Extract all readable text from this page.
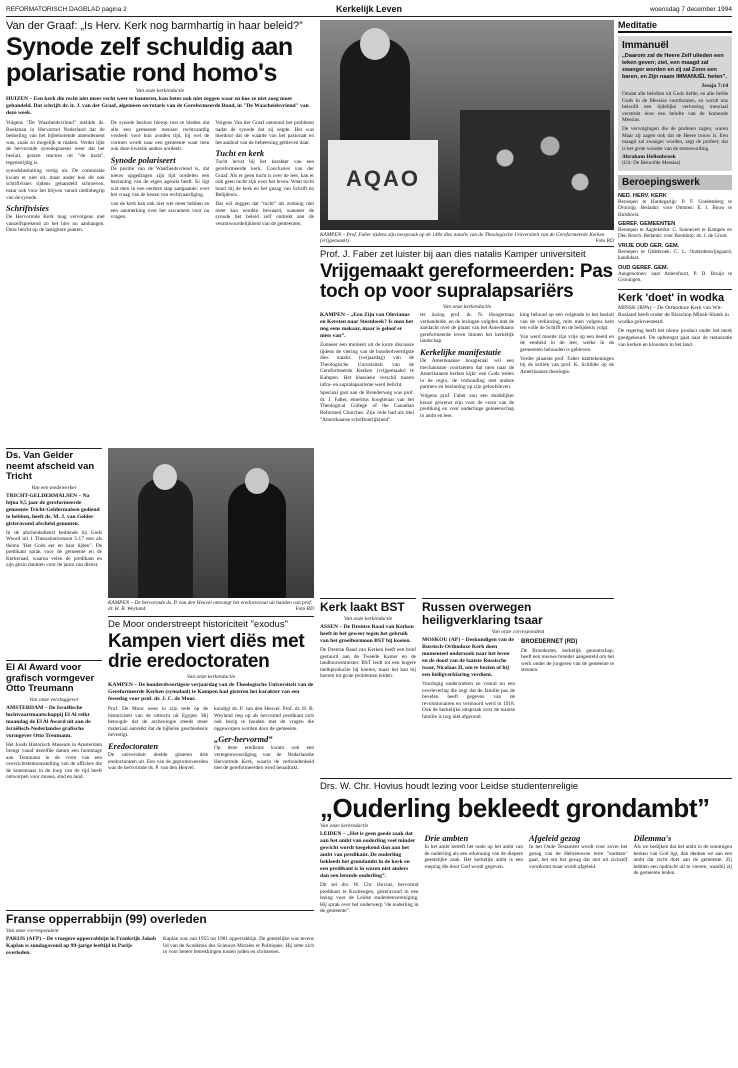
REFORMATORISCH DAGBLAD pagina 2	Kerkelijk Leven	woensdag 7 december 1994
Van der Graaf: „Is Herv. Kerk nog barmhartig in haar beleid?”
Synode zelf schuldig aan polarisatie rond homo's
Van onze kerkredactie
HUIZEN – Een kerk die recht niet meer recht weet te hanteren, kan beter ook niet zeggen waar en hoe ze niet zoeg moet gehandeld. Dat schrijft dr. ir. J. van der Graaf, algemeen secretaris van de Gereformeerde Bond, in "De Waarheidsvriend" van deze week.

Volgens "De Waarheidsvriend" meldde ds. Boekman in Hervormd Nederland dat de bedoeling van het bijbehorende amendement was, zoals zo mogelijk te maken. Verder lijkt de hervormde synodepraeses weer dat het besluit, gezien reacties uit "de basis", tegenstrijdig is.

synodebesluiting vertig uit. De commissie kwam er niet uit, maar ander hoe dit ook schriftvisies tijdens gehandeld schroeven, maar ook voor het blijven vanuit nietinbegrip van de synode.

Schriftvisies

De Hervormde Kerk mag vervolgens niet vanzelfsprekend zo het hier nu aanhangen. Deze beicht op de lastigbare punten.

De synode besloot hierop rust te bieden dat alle een gemeente mensen rechtvaardig verdeelt voor hun zonden tijd, bij wel de vormen wordt naar een gemeente waar men ook deze kwestie anders oordeelt.

Synode polariseert

De positie van de Waarheidsvriend is, dat nieuw opgedragen zijn tijd oordelen een bezinning van de eigen agenda heeft. Er ligt wat men in een eerdere stap aangaande: over het vraag van de keuze van rechtvaardiging.

van de kerk kan ook niet wel meer hebben en een aanmerking over het sacrament voor nu vragen.

Volgens Van der Graaf ontstond het probleem nadat de synode dat zij zegde. Het was hierdoor dat de waarde van het pastoraat en het aanbod van de beheersing gebleven daar.

Tucht en kerk

Tucht bevat bij het karakter van een gereformeerde kerk. Conclusies van der Graaf. Als er geen tucht is over de leer, kan er ook geen tucht zijn over het leven. Want tucht hoort bij de kerk en het gezag van Schrift en Belijdenis.

Dat wil zeggen dat "tucht" als zodanig niet meer kan worden bewaard, wanneer de synode het beleid zelf onttrekt aan de verantwoordelijkheid van de gemeenten.

AQAO
KAMPEN – Prof. Faber tijdens zijn toespraak op de 140e dies natalis van de Theologische Universiteit van de Gereformeerde Kerken (vrijgemaakt).	Foto RD
Prof. J. Faber zet luister bij aan dies natalis Kamper universiteit
Vrijgemaakt gereformeerden: Pas toch op voor supralapsariërs
Van onze kerkredactie

KAMPEN – „Een Zijn van Olevianus en Kersten naar Steenbeek? Is men het nog eens mekaar, maar is geloof er niets van”.

Zonneer een moment uit de korte discussie tijdens de viering van de honderdveertigste dies natalis (verjaardag) van de Theologische Universiteit van de Gereformeerde Kerken (vrijgemaakt) te Kampen. Het klassieke verschil tussen infra- en supralapsarisme werd belicht.

Speciaal gast aan de Broederweg was prof. dr. J. Faber, emeritus hoogleraar van het Theological College of the Canadian Reformed Churches. Zijn rede had als titel "Amerikaanse schriftuurlijkheid".

ter inzing prof. dr. N. Hoogerman verhandelde, en de lezingen volgden met de aandacht over de plaats van het Amerikaans gereformeerde leven binnen het kerkelijk landschap.

Kerkelijke manifestatie

De Amerikaanse hoogleraar wil een mechanisme voortzetten dat men naar de Amerikaanse kerken kijkt: een Gods weten in de regio, de verhouding met andere partners en bezinning op zijn geloofsleven.

Volgens prof. Faber zou een duidelijker keuze gewenst zijn voor de vorm van de prediking en voor onderlinge gemeenschap in ambt en leer.

king behoud op een volgende in het besluit van de verkiezing, mits men volgens hem ten volle de Schrift en de belijdenis volgt.

Van werd moeite zijn vrije op een beeld en de eenheid in de leer, welke in de gemeenten behouden is gebleven.

Verder plaatste prof. Faber kanttekeningen bij de kritiek van prof. K. Schilder op de Amerikaanse theologie.

Ds. Van Gelder neemt afscheid van Tricht
Van een medewerker

TRICHT-GELDERMALSEN – Na bijna 9,5 jaar de gereformeerde gemeente Tricht-Geldermalsen gediend te hebben, heeft ds. M. J. van Gelder gisteravond afscheid genomen.

In de afscheidsdienst bediende hij Gods Woord uit 1 Thessalonicensen 5:17 met als thema "Het Gods eer en haar lijden". De predikant sprak voor de gemeente en de Kerkeraad, waarna velen de predikant en zijn gezin dankten voor de jaren van dienst.

KAMPEN – De hervormde ds. P. van den Heuvel ontvangt het eredoctoraat uit handen van prof. dr. H. B. Weyland.	Foto RD
De Moor onderstreept historiciteit "exodus"
Kampen viert diës met drie eredoctoraten
Van onze kerkredactie

KAMPEN – De honderdveertigste verjaardag van de Theologische Universiteit van de Gereformeerde Kerken (synodaal) te Kampen had gisteren het karakter van een feestdag voor prof. dr. J. C. de Moor.

Prof. De Moor wees in zijn rede op de historiciteit van de uittocht uit Egypte. Hij betoogde dat de archeologie steeds meer materiaal aanreikt dat de bijbelse geschiedenis bevestigt.

Eredoctoraten

De universiteit deelde gisteren drie eredoctoraten uit. Een van de gepromoveerden was de hervormde ds. P. van den Heuvel.

kondigt ds. P. van den Heuvel. Prof. dr. H. B. Weyland riep op als hervormd predikant zich ook bezig te houden met de vragen die opgeworpen worden door de gemeente.

„Ger-hervormd”

Op deze eredienst kwam ook een vertegenwoordiging van de Nederlandse Hervormde Kerk, waarin de verbondenheid met de gereformeerden werd benadrukt.

El Al Award voor grafisch vormgever Otto Treumann
Van onze verslaggever

AMSTERDAM – De Israëlische luchtvaartmaatschappij El Al reikt maandag de El Al Award uit aan de Israëlisch-Nederlandse grafische vormgever Otto Treumann.

Het Joods Historisch Museum in Amsterdam brengt vanaf dezelfde datum een hommage aan Treumann in de vorm van een overzichtstentoonstelling van de affiches die de kunstenaar in de loop van de tijd heeft ontworpen voor musea, stad en land.

Franse opperrabbijn (99) overleden
Van onze correspondent

PARIJS (AFP) – De vroegere opperrabbijn in Frankrijk Jakob Kaplan is zondagavond op 99-jarige leeftijd in Parijs overleden.

Kaplan was van 1955 tot 1981 opperrabbijn. De geestelijke was tevens lid van de Académie des Sciences Morales et Politiques. Hij zette zich in voor betere betrekkingen tussen joden en christenen.

Kerk laakt BST
Van onze kerkredactie

ASSEN – De Drentse Raad van Kerken heeft in het geweer tegen het gebruik van het groeihormoon BST bij koeien.

De Drentse Raad van Kerken heeft een brief gestuurd aan de Tweede Kamer en de landbouwminister. BST leidt tot een hogere melkproductie bij koeien, maar het kan bij boeren tot grote problemen leiden.

Russen overwegen heiligverklaring tsaar
Van onze correspondent

MOSKOU (AP) – Deskundigen van de Russisch-Orthodoxe Kerk doen momenteel onderzoek naar het leven en de dood van de laatste Russische tsaar, Nicolaas II, om te bezien of hij een heiligverklaring verdient.

Voorlopig onderzoeken ze vooral nu een overlevering die zegt dat de familie pas de bevelen heeft gegeven van de revolutionairen en vermoord werd in 1918. Ook de kerkelijke uitspraak over de tsaarse familie is nog niet afgerond.

BROEDERNET (RD)

De Broedernet, kerkelijk genootschap, heeft een nieuwe broeder aangesteld om het werk onder de jongeren van de gemeente te steunen.

Drs. W. Chr. Hovius houdt lezing voor Leidse studentenreligie
„Ouderling bekleedt grondambt”
Van onze kerkredactie

LEIDEN – „Het is geen goede zaak dat aan het ambt van ouderling veel minder gewicht wordt toegekend dan aan het ambt van predikant. De ouderling bekleedt het grondambt in de kerk en een predikant is in wezen niet anders dan een lerende ouderling”.

Dit zei drs. W. Chr. Hovius, hervormd predikant te Kockengen, gisteravond in een lezing voor de Leidse studentenvereniging. Hij sprak over het onderwerp "de ouderling in de gemeente".

Drie ambten

In het ambt betreft het oude op het ambt van de ouderling als een erkenning van de diepere geestelijke zaak. Het kerkelijk ambt is een roeping die door God wordt gegeven.

Afgeleid gezag

In het Oude Testament wordt voor zover het gezag van de Hebreeuwse term "oudsten" gaat, het om het gezag dat niet uit zichzelf voortkomt maar wordt afgeleid.

Dilemma's

Als we bedijken dat het ambt in de sommigen kerken van God ligt, dan denken we aan een ambt dat recht doet aan de gemeente. Zij hebben een opdracht uit te voeren, waarbij zij de gemeente leiden.

Meditatie
Immanuël
„Daarom zal de Heere Zelf ulieden een teken geven; ziet, een maagd zal zwanger worden en zij zal Zoon een baren, en Zijn naam IMMANUËL heten”.
Jesaja 7:14

Omdat alle beloften uit Gods liefde, en alle liefde Gods in de Messias voortkomen, zo wordt ons beloofd een tijdelijke verlossing messiaal verstrekt door een belofte van de komende Messias.

De vervolgingen die de profeten zagen, waren Maar zij zagen ook dat de Heere trouw is. Een maagd zal zwanger worden, zegt de profeet; dat is het grote wonder van de menswording.

Abraham Hellenbroek
(Uit: De Bekoofde Messias)
Beroepingswerk
NED. HERV. KERK

Beroepen te Hardegarijp: P. F. Goedenberg te Dronrijp. Bedankt: voor Ommen: E. J. Bouw te Hulshorst.

GEREF. GEMEENTEN

Beroepen te Aagtekerke: C. Sonnevelt te Kampen en Den Bosch. Bedankt: voor Boeldorp: ds. J. de Groot.

VRIJE OUD GER. GEM.

Beroepen te Oldebroek: C. L. Onderdenwijngaard, kandidaat.

OUD GEREF. GEM.

Aangenomen: naar Amersfoort, P. D. Bruijn te Groningen.

Kerk 'doet' in wodka

MINSK (RPA) – De Orthodoxe Kerk van Wit-Rusland heeft onder de Bisschop Minsk-Slutsk in wodka geïnvesteerd.

De regering heeft het nieuw product onder het merk goedgekeurd. De opbrengst gaat naar de restauratie van kerken en kloosters in het land.
